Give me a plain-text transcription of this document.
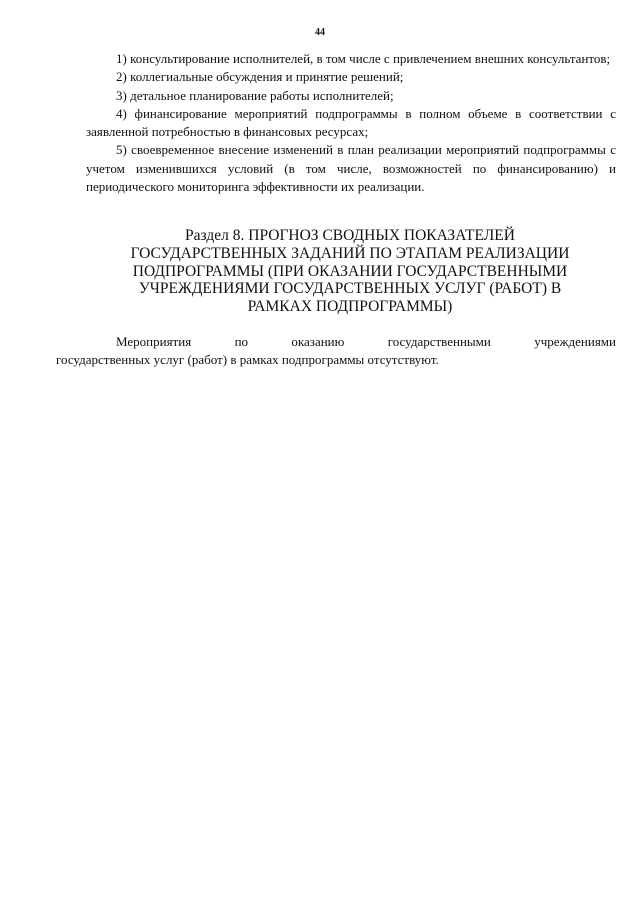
44

1) консультирование исполнителей, в том числе с привлечением внешних консультантов;

2) коллегиальные обсуждения и принятие решений;

3) детальное планирование работы исполнителей;

4) финансирование мероприятий подпрограммы в полном объеме в соответствии с заявленной потребностью в финансовых ресурсах;

5) своевременное внесение изменений в план реализации мероприятий подпрограммы с учетом изменившихся условий (в том числе, возможностей по финансированию) и периодического мониторинга эффективности их реализации.

Раздел 8. ПРОГНОЗ СВОДНЫХ ПОКАЗАТЕЛЕЙ
ГОСУДАРСТВЕННЫХ ЗАДАНИЙ ПО ЭТАПАМ РЕАЛИЗАЦИИ
ПОДПРОГРАММЫ (ПРИ ОКАЗАНИИ ГОСУДАРСТВЕННЫМИ
УЧРЕЖДЕНИЯМИ ГОСУДАРСТВЕННЫХ УСЛУГ (РАБОТ) В
РАМКАХ ПОДПРОГРАММЫ)

Мероприятия по оказанию государственными учреждениями
государственных услуг (работ) в рамках подпрограммы отсутствуют.
